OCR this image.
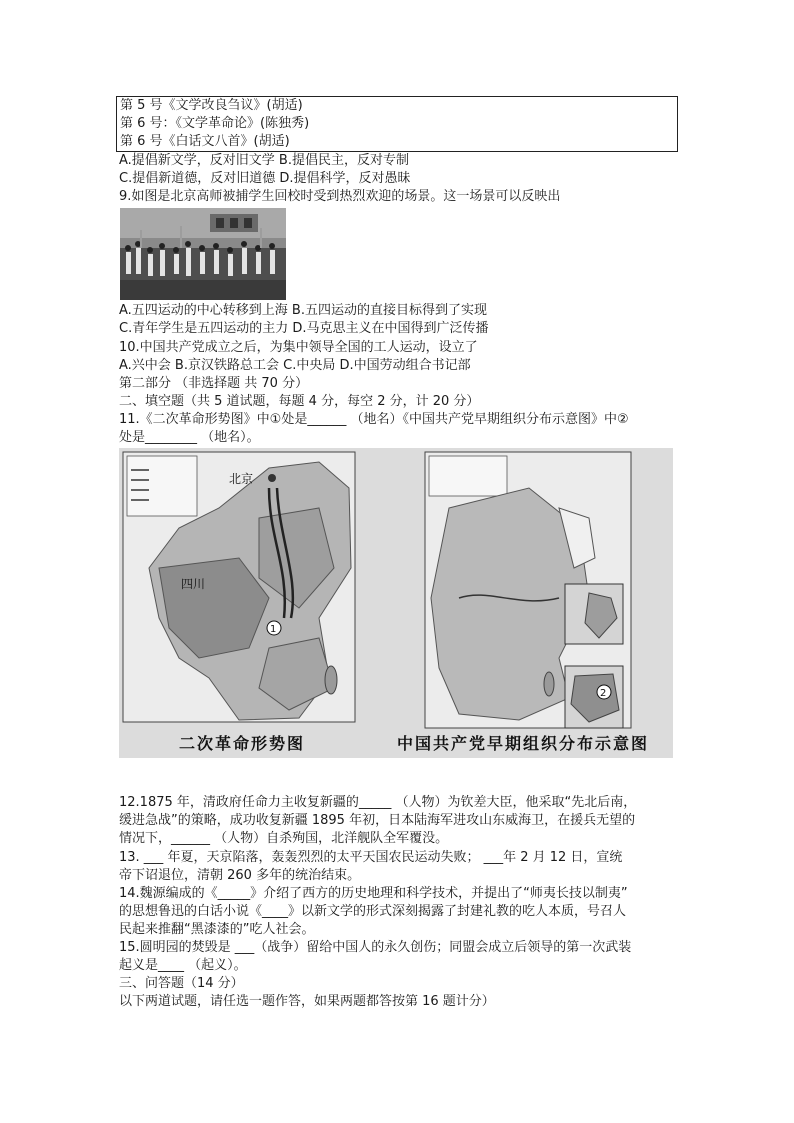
第 5 号《文学改良刍议》(胡适)
第 6 号：《文学革命论》(陈独秀)
第 6 号《白话文八首》(胡适)
A.提倡新文学，反对旧文学 B.提倡民主，反对专制
C.提倡新道德，反对旧道德 D.提倡科学，反对愚昧
9.如图是北京高师被捕学生回校时受到热烈欢迎的场景。这一场景可以反映出
A.五四运动的中心转移到上海 B.五四运动的直接目标得到了实现
C.青年学生是五四运动的主力 D.马克思主义在中国得到广泛传播
10.中国共产党成立之后，为集中领导全国的工人运动，设立了
A.兴中会 B.京汉铁路总工会 C.中央局 D.中国劳动组合书记部
第二部分 （非选择题 共 70 分）
二、填空题（共 5 道试题，每题 4 分，每空 2 分，计 20 分）
11.《二次革命形势图》中①处是______ （地名）《中国共产党早期组织分布示意图》中②
处是________ （地名）。
北京
四川
1
2
二次革命形势图	中国共产党早期组织分布示意图
12.1875 年，清政府任命力主收复新疆的_____ （人物）为钦差大臣，他采取“先北后南，
缓进急战”的策略，成功收复新疆 1895 年初，日本陆海军进攻山东威海卫，在援兵无望的
情况下，______ （人物）自杀殉国，北洋舰队全军覆没。
13. ___ 年夏，天京陷落，轰轰烈烈的太平天国农民运动失败； ___年 2 月 12 日，宣统
帝下诏退位，清朝 260 多年的统治结束。
14.魏源编成的《_____》介绍了西方的历史地理和科学技术，并提出了“师夷长技以制夷”
的思想鲁迅的白话小说《____》以新文学的形式深刻揭露了封建礼教的吃人本质，号召人
民起来推翻“黑漆漆的”吃人社会。
15.圆明园的焚毁是 ___（战争）留给中国人的永久创伤；同盟会成立后领导的第一次武装
起义是____ （起义）。
三、问答题（14 分）
以下两道试题，请任选一题作答，如果两题都答按第 16 题计分）
